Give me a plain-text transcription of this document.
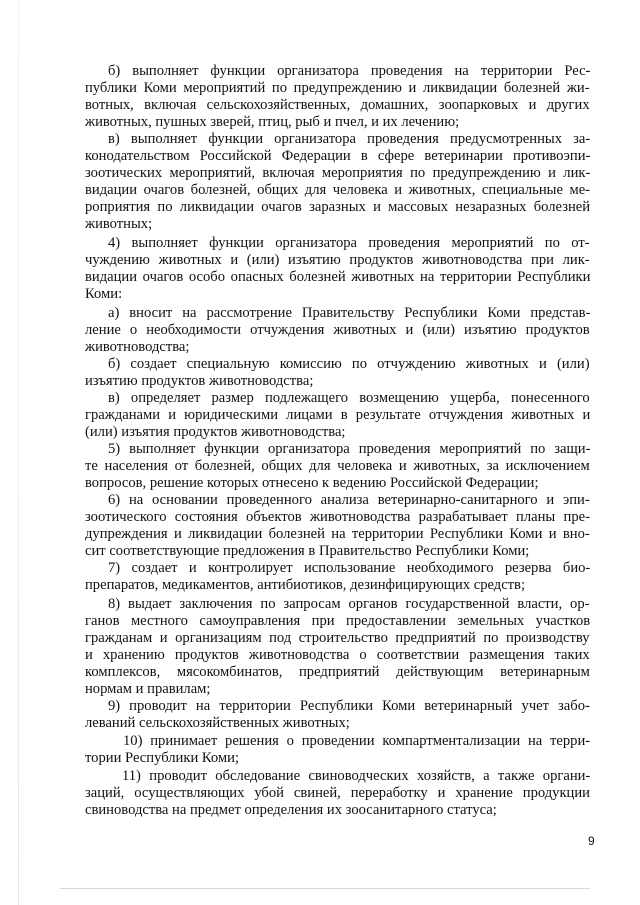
б) выполняет функции организатора проведения на территории Рес-
публики Коми мероприятий по предупреждению и ликвидации болезней жи-
вотных, включая сельскохозяйственных, домашних, зоопарковых и других
животных, пушных зверей, птиц, рыб и пчел, и их лечению;
в) выполняет функции организатора проведения предусмотренных за-
конодательством Российской Федерации в сфере ветеринарии противоэпи-
зоотических мероприятий, включая мероприятия по предупреждению и лик-
видации очагов болезней, общих для человека и животных, специальные ме-
роприятия по ликвидации очагов заразных и массовых незаразных болезней
животных;
4) выполняет функции организатора проведения мероприятий по от-
чуждению животных и (или) изъятию продуктов животноводства при лик-
видации очагов особо опасных болезней животных на территории Республики
Коми:
а) вносит на рассмотрение Правительству Республики Коми представ-
ление о необходимости отчуждения животных и (или) изъятию продуктов
животноводства;
б) создает специальную комиссию по отчуждению животных и (или)
изъятию продуктов животноводства;
в) определяет размер подлежащего возмещению ущерба, понесенного
гражданами и юридическими лицами в результате отчуждения животных и
(или) изъятия продуктов животноводства;
5) выполняет функции организатора проведения мероприятий по защи-
те населения от болезней, общих для человека и животных, за исключением
вопросов, решение которых отнесено к ведению Российской Федерации;
6) на основании проведенного анализа ветеринарно-санитарного и эпи-
зоотического состояния объектов животноводства разрабатывает планы пре-
дупреждения и ликвидации болезней на территории Республики Коми и вно-
сит соответствующие предложения в Правительство Республики Коми;
7) создает и контролирует использование необходимого резерва био-
препаратов, медикаментов, антибиотиков, дезинфицирующих средств;
8) выдает заключения по запросам органов государственной власти, ор-
ганов местного самоуправления при предоставлении земельных участков
гражданам и организациям под строительство предприятий по производству
и хранению продуктов животноводства о соответствии размещения таких
комплексов, мясокомбинатов, предприятий действующим ветеринарным
нормам и правилам;
9) проводит на территории Республики Коми ветеринарный учет забо-
леваний сельскохозяйственных животных;
10) принимает решения о проведении компартментализации на терри-
тории Республики Коми;
11) проводит обследование свиноводческих хозяйств, а также органи-
заций, осуществляющих убой свиней, переработку и хранение продукции
свиноводства на предмет определения их зоосанитарного статуса;
9
